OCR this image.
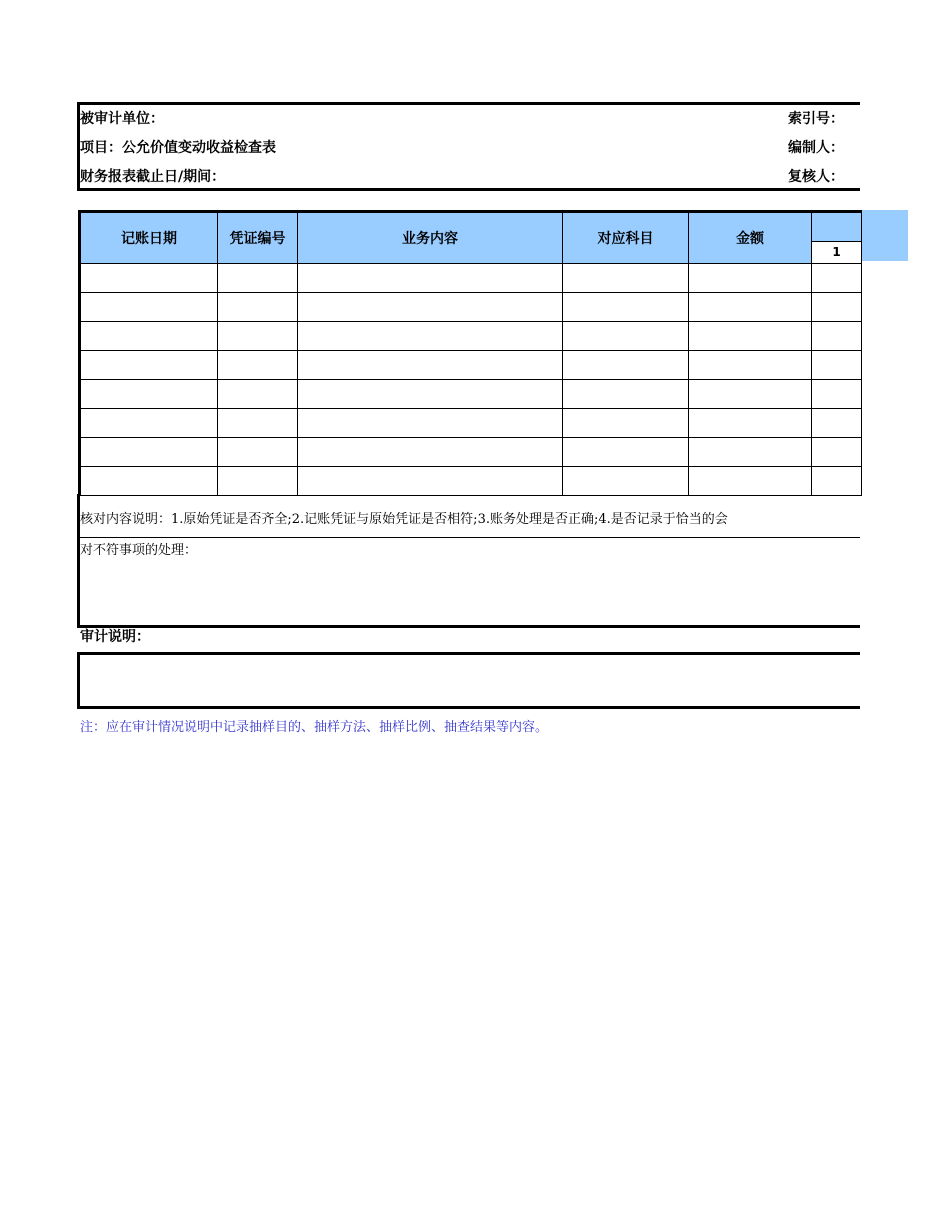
被审计单位：	索引号：
项目：公允价值变动收益检查表	编制人：
财务报表截止日/期间：	复核人：
记账日期	凭证编号	业务内容	对应科目	金额	1

核对内容说明：1.原始凭证是否齐全;2.记账凭证与原始凭证是否相符;3.账务处理是否正确;4.是否记录于恰当的会
对不符事项的处理：
审计说明：
注：应在审计情况说明中记录抽样目的、抽样方法、抽样比例、抽查结果等内容。
